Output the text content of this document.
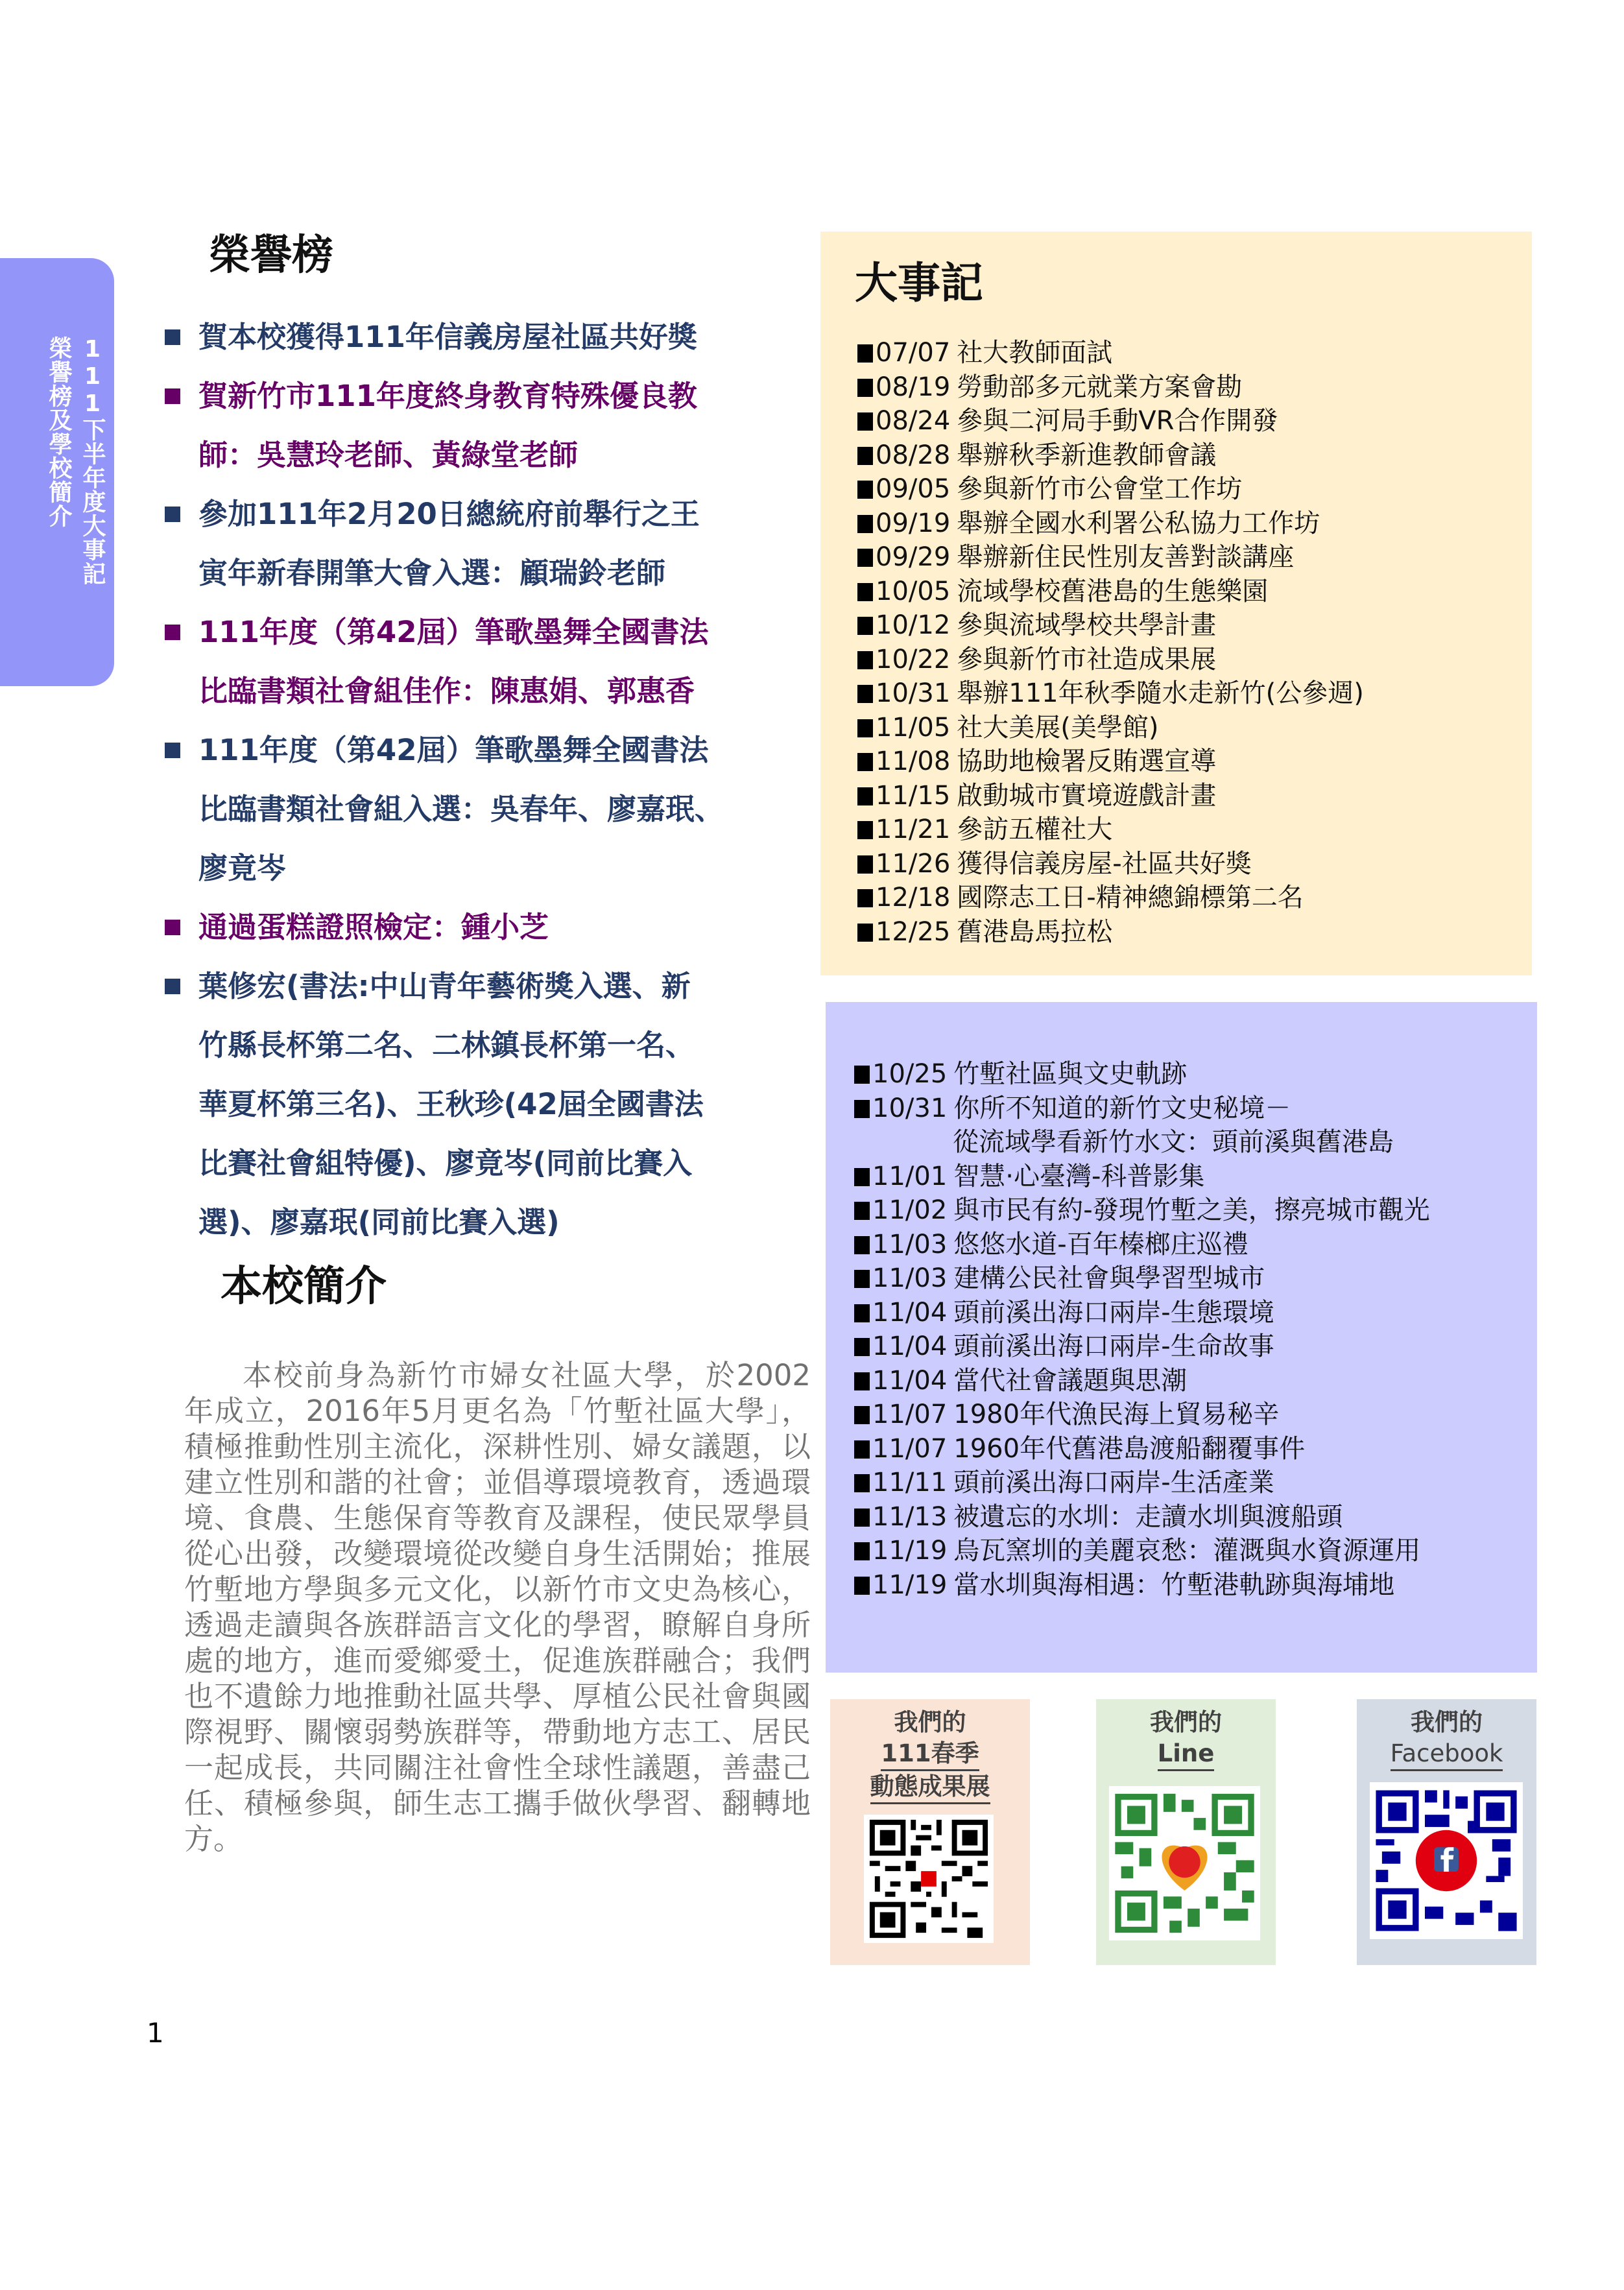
111下半年度大事記
榮譽榜及學校簡介
榮譽榜
賀本校獲得111年信義房屋社區共好獎
賀新竹市111年度終身教育特殊優良教
師：吳慧玲老師、黃綠堂老師
參加111年2月20日總統府前舉行之王
寅年新春開筆大會入選：顧瑞鈴老師
111年度（第42屆）筆歌墨舞全國書法
比臨書類社會組佳作：陳惠娟、郭惠香
111年度（第42屆）筆歌墨舞全國書法
比臨書類社會組入選：吳春年、廖嘉珉、
廖竟岑
通過蛋糕證照檢定：鍾小芝
葉修宏(書法:中山青年藝術獎入選、新
竹縣長杯第二名、二林鎮長杯第一名、
華夏杯第三名)、王秋珍(42屆全國書法
比賽社會組特優)、廖竟岑(同前比賽入
選)、廖嘉珉(同前比賽入選)
本校簡介

本校前身為新竹市婦女社區大學，於2002年成立，2016年5月更名為「竹塹社區大學」，積極推動性別主流化，深耕性別、婦女議題，以建立性別和諧的社會；並倡導環境教育，透過環境、食農、生態保育等教育及課程，使民眾學員從心出發，改變環境從改變自身生活開始；推展竹塹地方學與多元文化，以新竹市文史為核心，透過走讀與各族群語言文化的學習，瞭解自身所處的地方，進而愛鄉愛土，促進族群融合；我們也不遺餘力地推動社區共學、厚植公民社會與國際視野、關懷弱勢族群等，帶動地方志工、居民一起成長，共同關注社會性全球性議題，善盡己任、積極參與，師生志工攜手做伙學習、翻轉地方。

大事記
07/07 社大教師面試
08/19 勞動部多元就業方案會勘
08/24 參與二河局手動VR合作開發
08/28 舉辦秋季新進教師會議
09/05 參與新竹市公會堂工作坊
09/19 舉辦全國水利署公私協力工作坊
09/29 舉辦新住民性別友善對談講座
10/05 流域學校舊港島的生態樂園
10/12 參與流域學校共學計畫
10/22 參與新竹市社造成果展
10/31 舉辦111年秋季隨水走新竹(公參週)
11/05 社大美展(美學館)
11/08 協助地檢署反賄選宣導
11/15 啟動城市實境遊戲計畫
11/21 參訪五權社大
11/26 獲得信義房屋-社區共好獎
12/18 國際志工日-精神總錦標第二名
12/25 舊港島馬拉松
10/25 竹塹社區與文史軌跡
10/31 你所不知道的新竹文史秘境－
從流域學看新竹水文：頭前溪與舊港島
11/01 智慧·心臺灣-科普影集
11/02 與市民有約-發現竹塹之美，擦亮城市觀光
11/03 悠悠水道-百年榛榔庄巡禮
11/03 建構公民社會與學習型城市
11/04 頭前溪出海口兩岸-生態環境
11/04 頭前溪出海口兩岸-生命故事
11/04 當代社會議題與思潮
11/07 1980年代漁民海上貿易秘辛
11/07 1960年代舊港島渡船翻覆事件
11/11 頭前溪出海口兩岸-生活產業
11/13 被遺忘的水圳：走讀水圳與渡船頭
11/19 烏瓦窯圳的美麗哀愁：灌溉與水資源運用
11/19 當水圳與海相遇：竹塹港軌跡與海埔地
我們的
111春季
動態成果展
我們的
Line
我們的
Facebook
1
